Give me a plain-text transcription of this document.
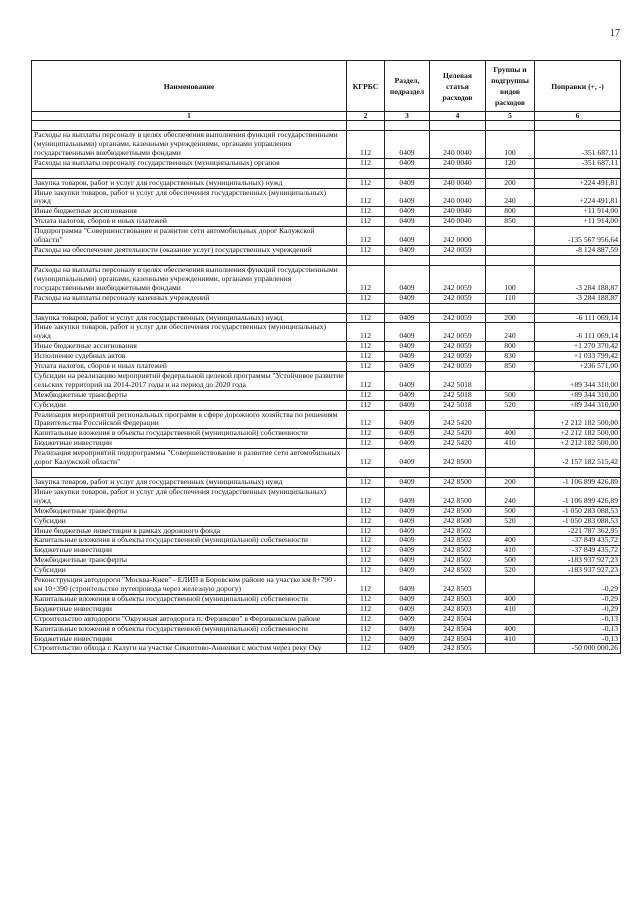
17
Наименование	КГРБС	Раздел, подраздел	Целевая статья расходов	Группы и подгруппы видов расходов	Поправки (+, -)
1	2	3	4	5	6

Расходы на выплаты персоналу в целях обеспечения выполнения функций государственными (муниципальными) органами, казенными учреждениями, органами управления государственными внебюджетными фондами	112	0409	240 0040	100	-351 687,11
Расходы на выплаты персоналу государственных (муниципальных) органов	112	0409	240 0040	120	-351 687,11

Закупка товаров, работ и услуг для государственных (муниципальных) нужд	112	0409	240 0040	200	+224 491,81
Иные закупки товаров, работ и услуг для обеспечения государственных (муниципальных) нужд	112	0409	240 0040	240	+224 491,81
Иные бюджетные ассигнования	112	0409	240 0040	800	+11 914,00
Уплата налогов, сборов и иных платежей	112	0409	240 0040	850	+11 914,00
Подпрограмма "Совершенствование и развитие сети автомобильных дорог Калужской области"	112	0409	242 0000		-135 567 956,64
Расходы на обеспечение деятельности (оказание услуг) государственных учреждений	112	0409	242 0059		-8 124 887,59

Расходы на выплаты персоналу в целях обеспечения выполнения функций государственными (муниципальными) органами, казенными учреждениями, органами управления государственными внебюджетными фондами	112	0409	242 0059	100	-3 284 188,87
Расходы на выплаты персоналу казенных учреждений	112	0409	242 0059	110	-3 284 188,87

Закупка товаров, работ и услуг для государственных (муниципальных) нужд	112	0409	242 0059	200	-6 111 069,14
Иные закупки товаров, работ и услуг для обеспечения государственных (муниципальных) нужд	112	0409	242 0059	240	-6 111 069,14
Иные бюджетные ассигнования	112	0409	242 0059	800	+1 270 370,42
Исполнение судебных актов	112	0409	242 0059	830	+1 033 799,42
Уплата налогов, сборов и иных платежей	112	0409	242 0059	850	+236 571,00
Субсидии на реализацию мероприятий федеральной целевой программы "Устойчивое развитие сельских территорий на 2014-2017 годы и на период до 2020 года	112	0409	242 5018		+89 344 310,00
Межбюджетные трансферты	112	0409	242 5018	500	+89 344 310,00
Субсидии	112	0409	242 5018	520	+89 344 310,00
Реализация мероприятий региональных программ в сфере дорожного хозяйства по решениям Правительства Российской Федерации	112	0409	242 5420		+2 212 182 500,00
Капитальные вложения в объекты государственной (муниципальной) собственности	112	0409	242 5420	400	+2 212 182 500,00
Бюджетные инвестиции	112	0409	242 5420	410	+2 212 182 500,00
Реализация мероприятий подпрограммы "Совершенствование и развитие сети автомобильных дорог Калужской области"	112	0409	242 8500		-2 157 182 515,42

Закупка товаров, работ и услуг для государственных (муниципальных) нужд	112	0409	242 8500	200	-1 106 899 426,89
Иные закупки товаров, работ и услуг для обеспечения государственных (муниципальных) нужд	112	0409	242 8500	240	-1 106 899 426,89
Межбюджетные трансферты	112	0409	242 8500	500	-1 050 283 088,53
Субсидии	112	0409	242 8500	520	-1 050 283 088,53
Иные бюджетные инвестиции в рамках дорожного фонда	112	0409	242 8502		-221 787 362,95
Капитальные вложения в объекты государственной (муниципальной) собственности	112	0409	242 8502	400	-37 849 435,72
Бюджетные инвестиции	112	0409	242 8502	410	-37 849 435,72
Межбюджетные трансферты	112	0409	242 8502	500	-183 937 927,23
Субсидии	112	0409	242 8502	520	-183 937 927,23
Реконструкция автодороги "Москва-Киев" - ЕЛИП в Боровском районе на участке км 8+790 - км 10+390 (строительство путепровода через железную дорогу)	112	0409	242 8503		-0,29
Капитальные вложения в объекты государственной (муниципальной) собственности	112	0409	242 8503	400	-0,29
Бюджетные инвестиции	112	0409	242 8503	410	-0,29
Строительство автодороги "Окружная автодорога п. Ферзиково" в Ферзиковском районе	112	0409	242 8504		-0,13
Капитальные вложения в объекты государственной (муниципальной) собственности	112	0409	242 8504	400	-0,13
Бюджетные инвестиции	112	0409	242 8504	410	-0,13
Строительство обхода г. Калуги на участке Секиотово-Анненки с мостом через реку Оку	112	0409	242 8505		-50 000 000,26
